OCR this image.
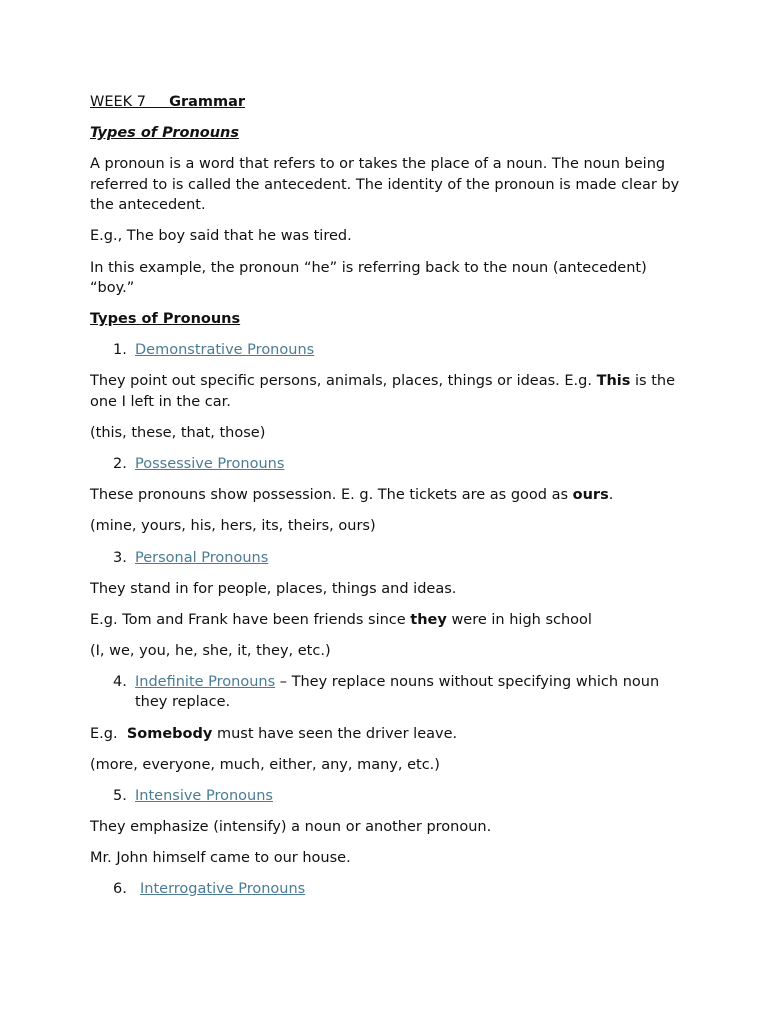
WEEK 7 Grammar

Types of Pronouns

A pronoun is a word that refers to or takes the place of a noun. The noun being referred to is called the antecedent. The identity of the pronoun is made clear by the antecedent.

E.g., The boy said that he was tired.

In this example, the pronoun “he” is referring back to the noun (antecedent) “boy.”

Types of Pronouns

1. Demonstrative Pronouns

They point out specific persons, animals, places, things or ideas. E.g. This is the one I left in the car.

(this, these, that, those)

2. Possessive Pronouns

These pronouns show possession. E. g. The tickets are as good as ours.

(mine, yours, his, hers, its, theirs, ours)

3. Personal Pronouns

They stand in for people, places, things and ideas.

E.g. Tom and Frank have been friends since they were in high school

(I, we, you, he, she, it, they, etc.)

4. Indefinite Pronouns – They replace nouns without specifying which noun they replace.

E.g.  Somebody must have seen the driver leave.

(more, everyone, much, either, any, many, etc.)

5. Intensive Pronouns

They emphasize (intensify) a noun or another pronoun.

Mr. John himself came to our house.

6. Interrogative Pronouns
